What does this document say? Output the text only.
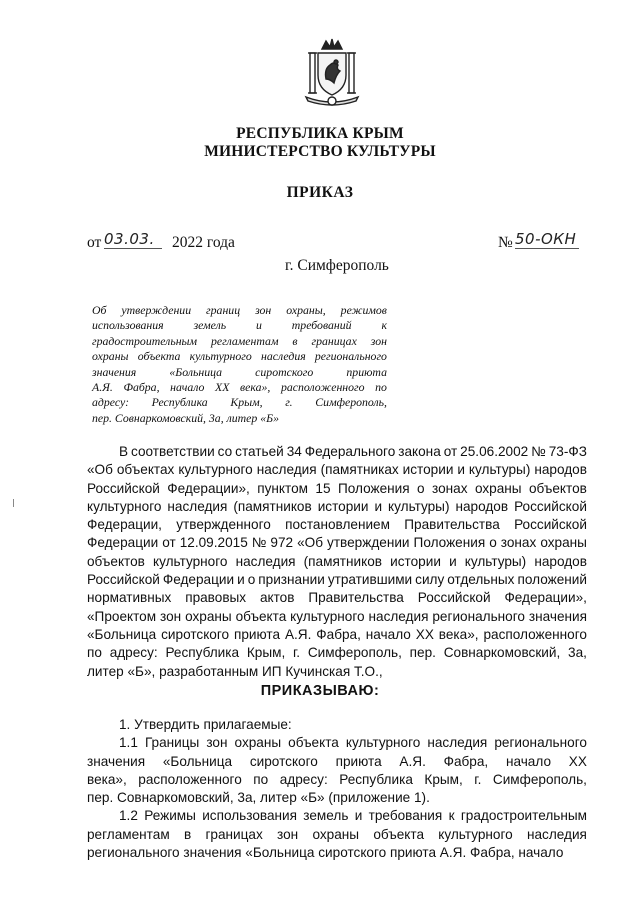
РЕСПУБЛИКА КРЫМ
МИНИСТЕРСТВО КУЛЬТУРЫ
ПРИКАЗ
от 03.03.	2022 года	№ 50-ОКН
г. Симферополь
Об утверждении границ зон охраны, режимов
использования	земель	и	требований	к
градостроительным регламентам в границах зон
охраны объекта культурного наследия регионального
значения	«Больница	сиротского	приюта
А.Я. Фабра, начало XX века», расположенного по
адресу: Республика Крым, г. Симферополь,
пер. Совнаркомовский, 3а, литер «Б»
В соответствии со статьей 34 Федерального закона от 25.06.2002 № 73-ФЗ
«Об объектах культурного наследия (памятниках истории и культуры) народов
Российской Федерации», пунктом 15 Положения о зонах охраны объектов
культурного наследия (памятников истории и культуры) народов Российской
Федерации, утвержденного постановлением Правительства Российской
Федерации от 12.09.2015 № 972 «Об утверждении Положения о зонах охраны
объектов культурного наследия (памятников истории и культуры) народов
Российской Федерации и о признании утратившими силу отдельных положений
нормативных правовых актов Правительства Российской Федерации»,
«Проектом зон охраны объекта культурного наследия регионального значения
«Больница сиротского приюта А.Я. Фабра, начало XX века», расположенного
по адресу: Республика Крым, г. Симферополь, пер. Совнаркомовский, 3а,
литер «Б», разработанным ИП Кучинская Т.О.,
ПРИКАЗЫВАЮ:
1. Утвердить прилагаемые:
1.1 Границы зон охраны объекта культурного наследия регионального
значения «Больница сиротского приюта А.Я. Фабра, начало XX
века», расположенного по адресу: Республика Крым, г. Симферополь,
пер. Совнаркомовский, 3а, литер «Б» (приложение 1).
1.2 Режимы использования земель и требования к градостроительным
регламентам в границах зон охраны объекта культурного наследия
регионального значения «Больница сиротского приюта А.Я. Фабра, начало
